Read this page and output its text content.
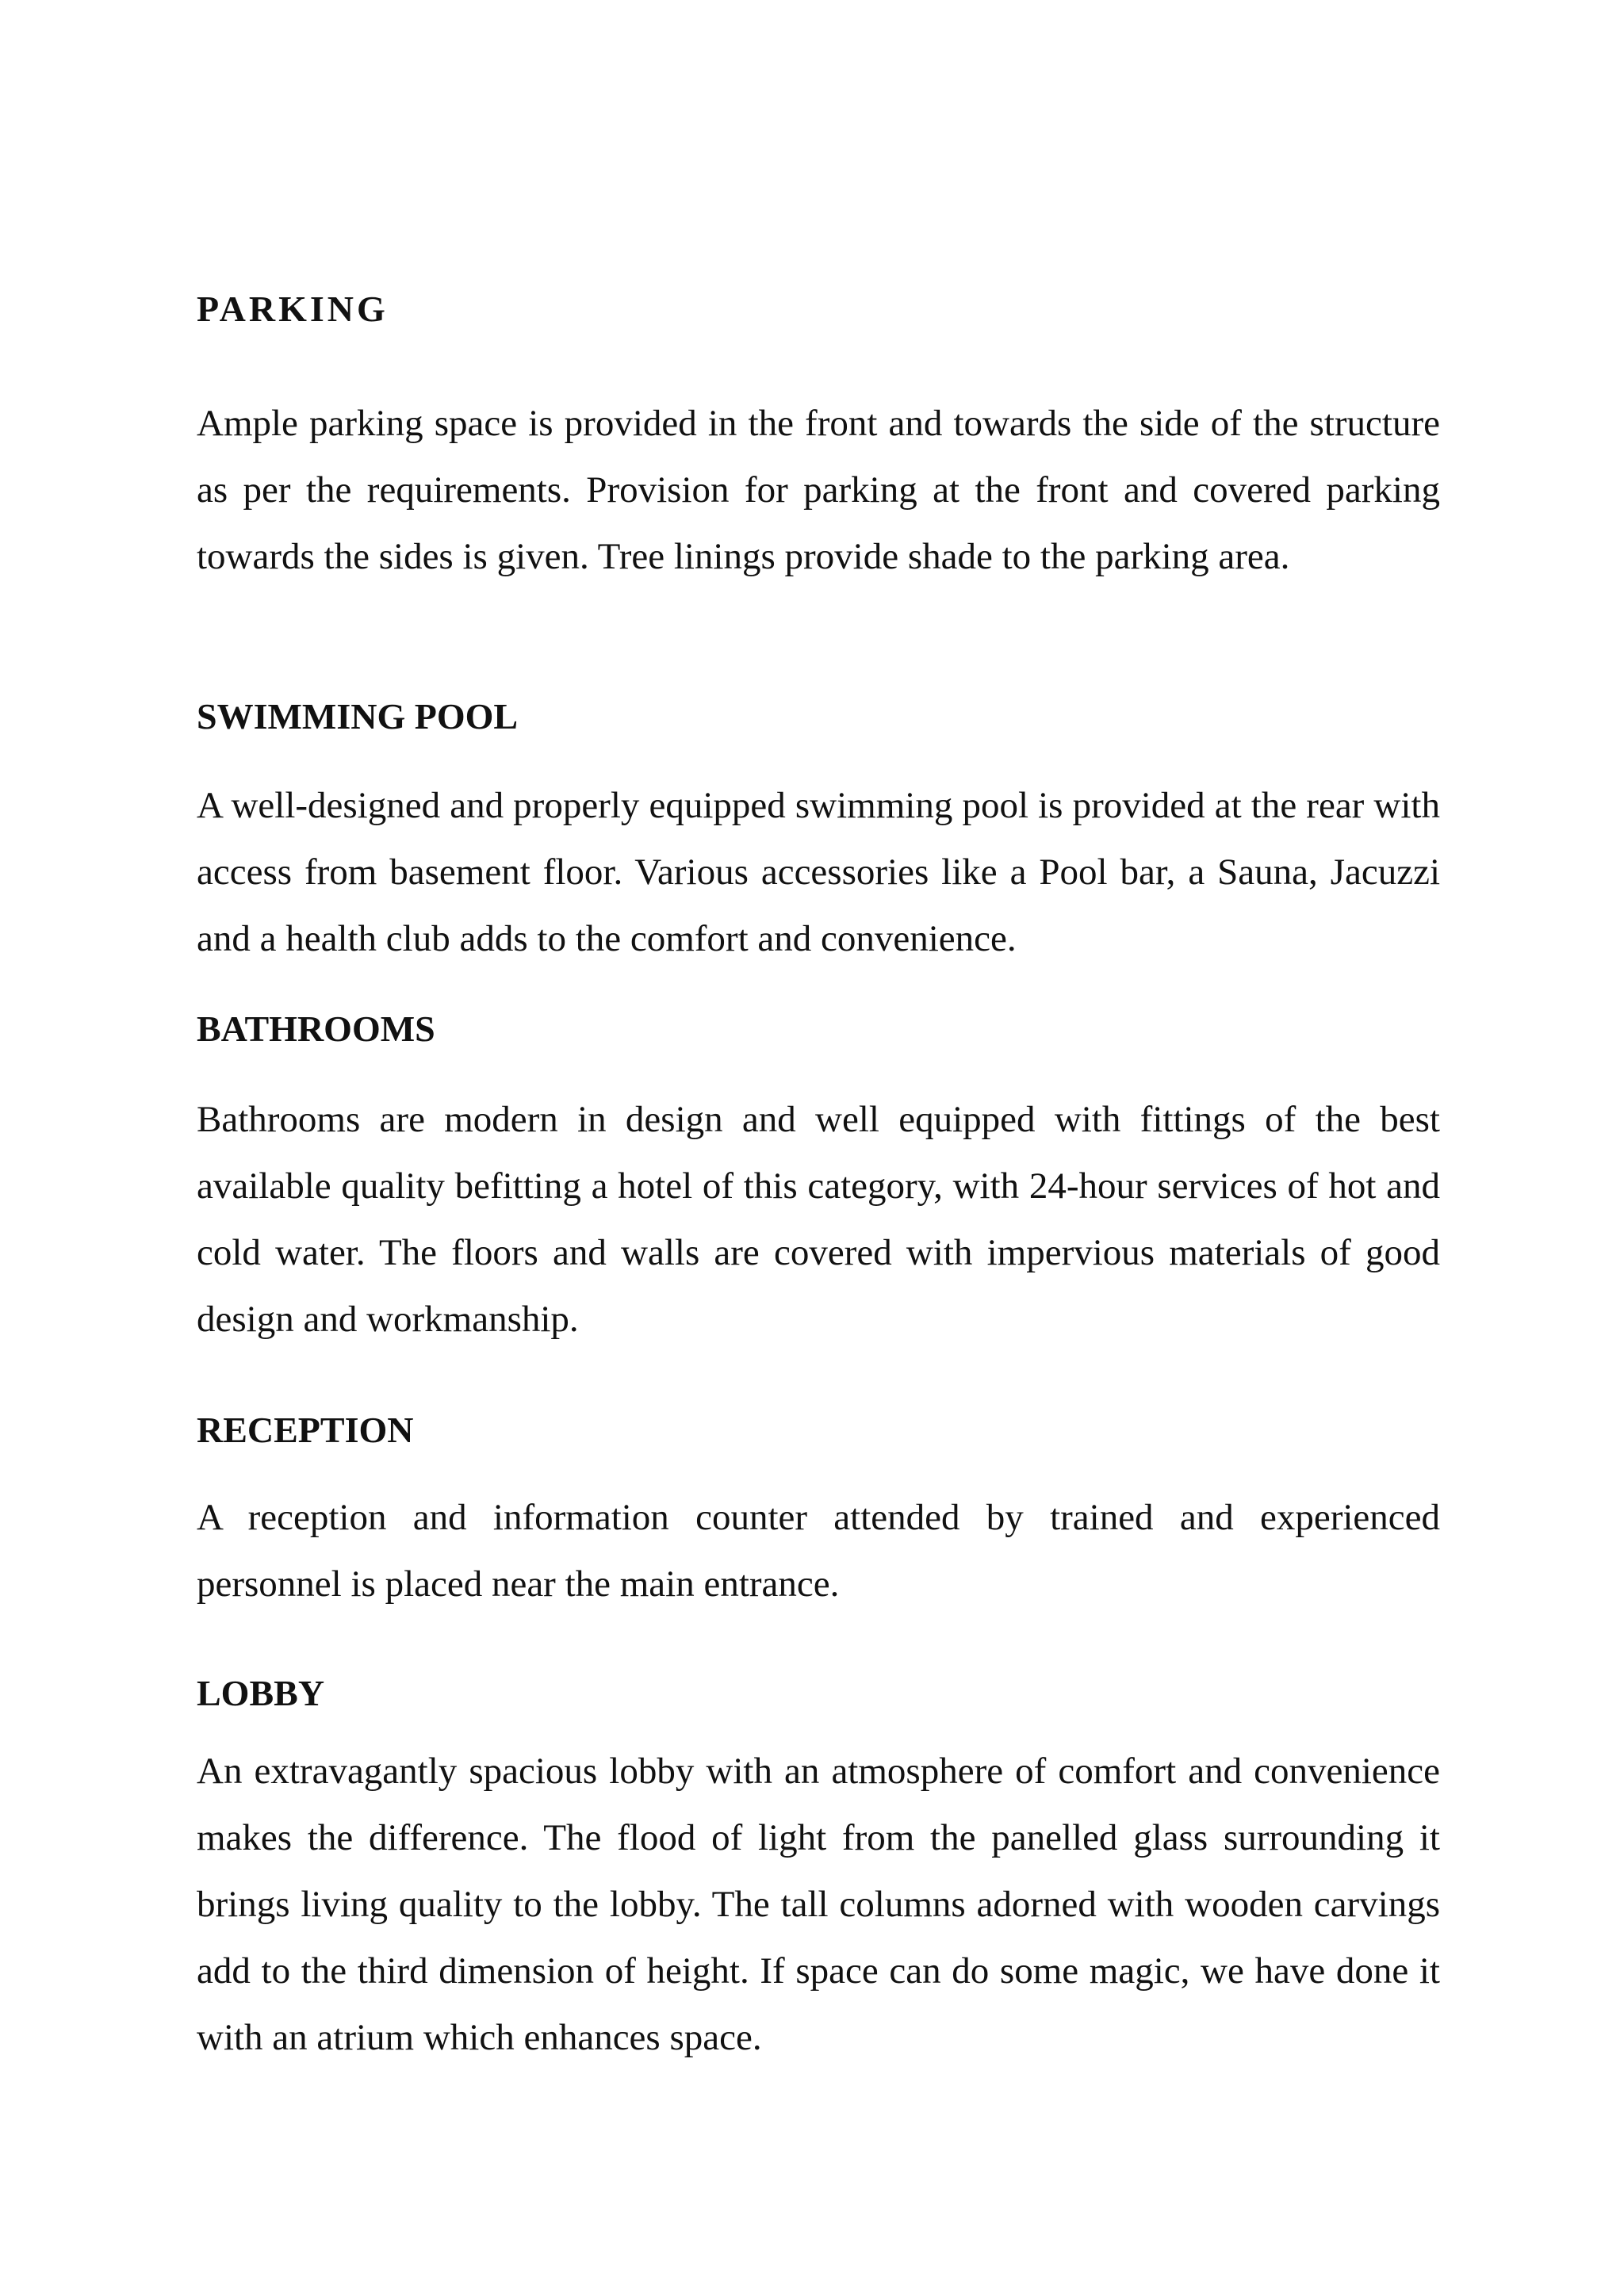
PARKING

Ample parking space is provided in the front and towards the side of the structure as per the requirements. Provision for parking at the front and covered parking towards the sides is given. Tree linings provide shade to the parking area.

SWIMMING POOL

A well-designed and properly equipped swimming pool is provided at the rear with access from basement floor. Various accessories like a Pool bar, a Sauna, Jacuzzi and a health club adds to the comfort and convenience.

BATHROOMS

Bathrooms are modern in design and well equipped with fittings of the best available quality befitting a hotel of this category, with 24-hour services of hot and cold water. The floors and walls are covered with impervious materials of good design and workmanship.

RECEPTION

A reception and information counter attended by trained and experienced personnel is placed near the main entrance.

LOBBY

An extravagantly spacious lobby with an atmosphere of comfort and convenience makes the difference. The flood of light from the panelled glass surrounding it brings living quality to the lobby. The tall columns adorned with wooden carvings add to the third dimension of height. If space can do some magic, we have done it with an atrium which enhances space.
